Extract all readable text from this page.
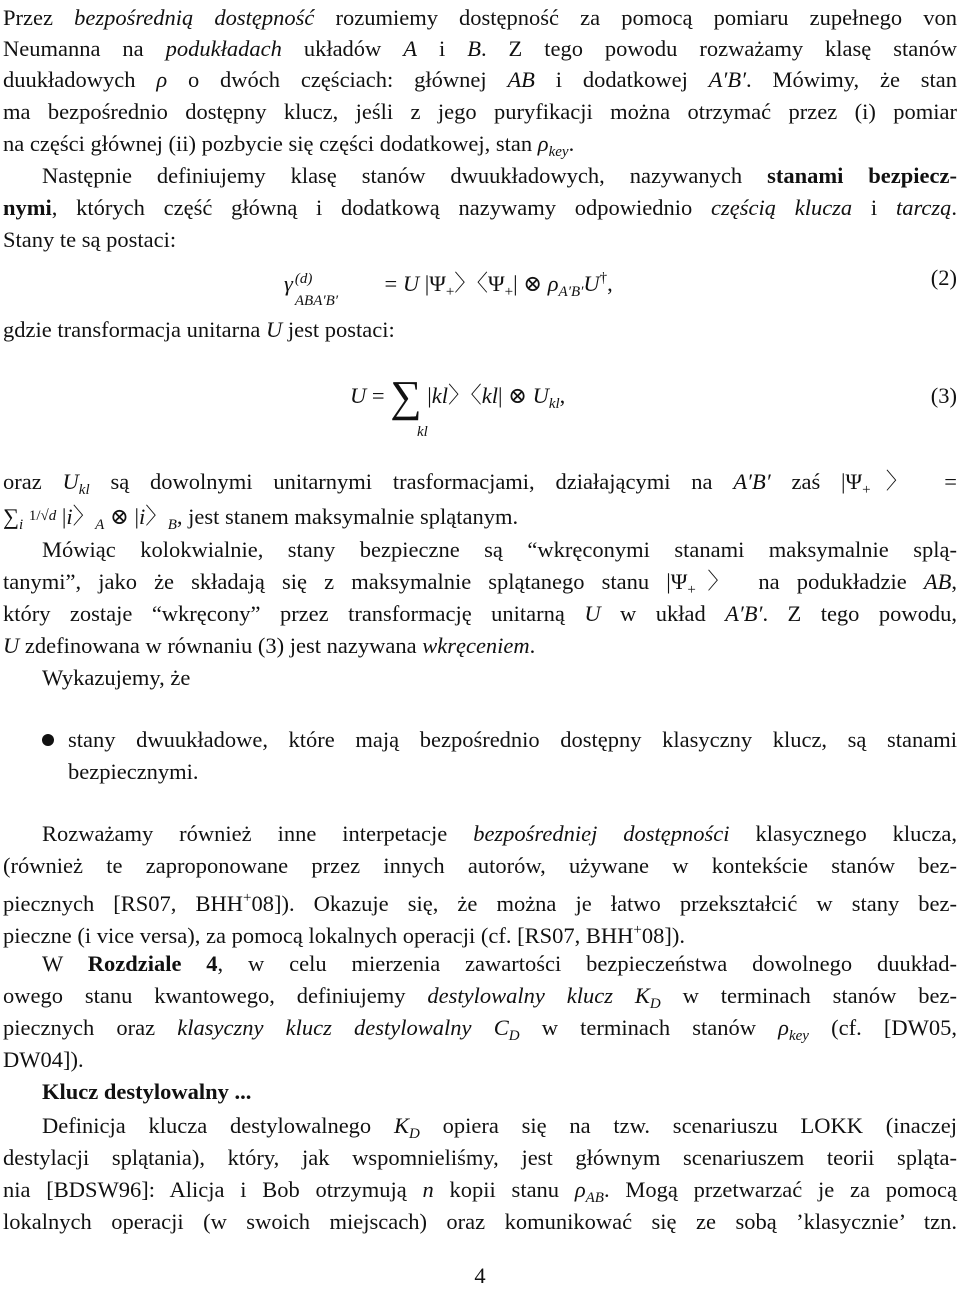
Przez bezpośrednią dostępność rozumiemy dostępność za pomocą pomiaru zupełnego von
Neumanna na podukładach układów A i B. Z tego powodu rozważamy klasę stanów
duukładowych ρ o dwóch częściach: głównej AB i dodatkowej A′B′. Mówimy, że stan
ma bezpośrednio dostępny klucz, jeśli z jego puryfikacji można otrzymać przez (i) pomiar
na części głównej (ii) pozbycie się części dodatkowej, stan $\rho_{key}$.
Następnie definiujemy klasę stanów dwuukładowych, nazywanych stanami bezpiecz-
nymi, których część główną i dodatkową nazywamy odpowiednio częścią klucza i tarczą.
Stany te są postaci:
γ (d)
ABA′B′
= U $|\Psi_+$〉〈$\Psi_+|$ ⊗ $\rho_{A'B'}U^\dagger$,	(2)
gdzie transformacja unitarna U jest postaci:
U = ∑ |kl〉〈kl| ⊗ $U_{kl}$,
kl
(3)
oraz $U_{kl}$ są dowolnymi unitarnymi trasformacjami, działającymi na A′B′ zaś $|\Psi_+$〉 =
$\sum_i$ 1/√d |i〉$_A$ ⊗ |i〉$_B$, jest stanem maksymalnie splątanym.
Mówiąc kolokwialnie, stany bezpieczne są “wkręconymi stanami maksymalnie splą-
tanymi”, jako że składają się z maksymalnie splątanego stanu $|\Psi_+$〉 na podukładzie AB,
który zostaje “wkręcony” przez transformację unitarną U w układ A′B′. Z tego powodu,
U zdefinowana w równaniu (3) jest nazywana wkręceniem.
Wykazujemy, że
stany dwuukładowe, które mają bezpośrednio dostępny klasyczny klucz, są stanami
bezpiecznymi.
Rozważamy również inne interpetacje bezpośredniej dostępności klasycznego klucza,
(również te zaproponowane przez innych autorów, używane w kontekście stanów bez-
piecznych [RS07, BHH+08]). Okazuje się, że można je łatwo przekształcić w stany bez-
pieczne (i vice versa), za pomocą lokalnych operacji (cf. [RS07, BHH+08]).
W Rozdziale 4, w celu mierzenia zawartości bezpieczeństwa dowolnego duukład-
owego stanu kwantowego, definiujemy destylowalny klucz $K_D$ w terminach stanów bez-
piecznych oraz klasyczny klucz destylowalny $C_D$ w terminach stanów $\rho_{key}$ (cf. [DW05,
DW04]).
Klucz destylowalny ...
Definicja klucza destylowalnego $K_D$ opiera się na tzw. scenariuszu LOKK (inaczej
destylacji splątania), który, jak wspomnieliśmy, jest głównym scenariuszem teorii spląta-
nia [BDSW96]: Alicja i Bob otrzymują n kopii stanu $\rho_{AB}$. Mogą przetwarzać je za pomocą
lokalnych operacji (w swoich miejscach) oraz komunikować się ze sobą ’klasycznie’ tzn.
4
